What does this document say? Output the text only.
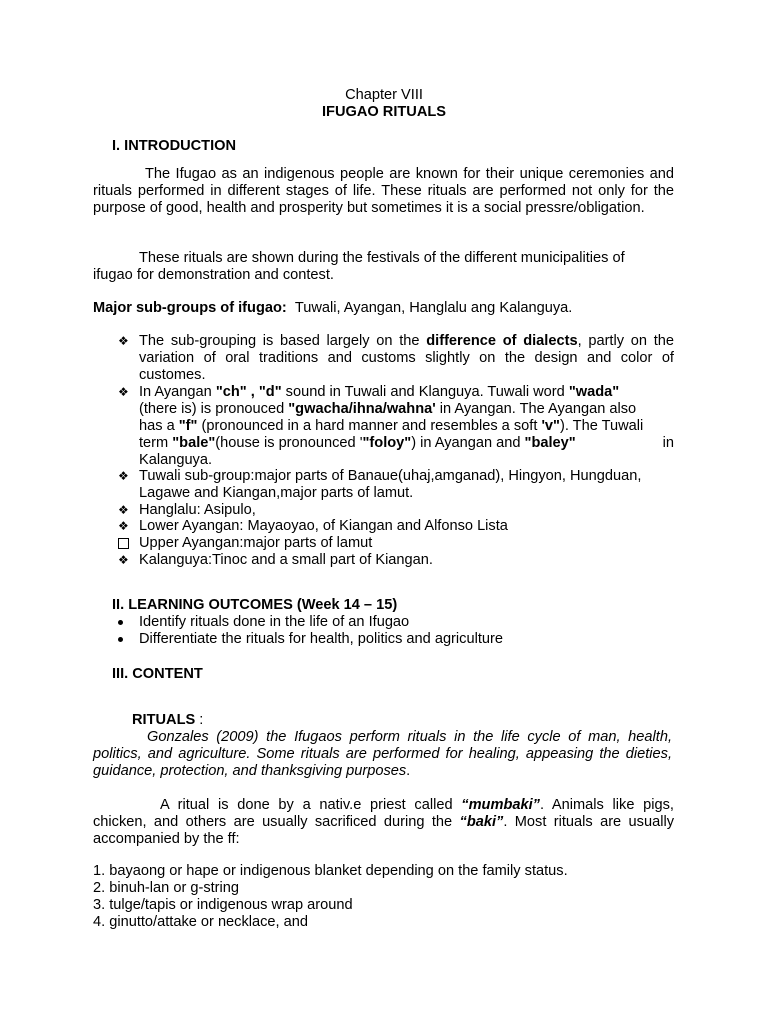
Chapter VIII
IFUGAO RITUALS
I. INTRODUCTION
The Ifugao as an indigenous people are known for their unique ceremonies and rituals performed in different stages of life. These rituals are performed not only for the purpose of good, health and prosperity but sometimes it is a social pressre/obligation.
These rituals are shown during the festivals of the different municipalities of
ifugao for demonstration and contest.
Major sub-groups of ifugao: Tuwali, Ayangan, Hanglalu ang Kalanguya.
❖ The sub-grouping is based largely on the difference of dialects, partly on the variation of oral traditions and customs slightly on the design and color of customes.
❖ In Ayangan "ch" , "d" sound in Tuwali and Klanguya. Tuwali word "wada"
(there is) is pronouced "gwacha/ihna/wahna' in Ayangan. The Ayangan also
has a "f" (pronounced in a hard manner and resembles a soft 'v"). The Tuwali
term "bale"(house is pronounced '"foloy") in Ayangan and "baley"	in
Kalanguya.
❖ Tuwali sub-group:major parts of Banaue(uhaj,amganad), Hingyon, Hungduan,
Lagawe and Kiangan,major parts of lamut.
❖ Hanglalu: Asipulo,
❖ Lower Ayangan: Mayaoyao, of Kiangan and Alfonso Lista
Upper Ayangan:major parts of lamut
❖ Kalanguya:Tinoc and a small part of Kiangan.
II. LEARNING OUTCOMES (Week 14 – 15)
Identify rituals done in the life of an Ifugao
Differentiate the rituals for health, politics and agriculture
III. CONTENT
RITUALS :
Gonzales (2009) the Ifugaos perform rituals in the life cycle of man, health, politics, and agriculture. Some rituals are performed for healing, appeasing the dieties, guidance, protection, and thanksgiving purposes.
A ritual is done by a nativ.e priest called “mumbaki”. Animals like pigs, chicken, and others are usually sacrificed during the “baki”. Most rituals are usually accompanied by the ff:
1. bayaong or hape or indigenous blanket depending on the family status.
2. binuh-lan or g-string
3. tulge/tapis or indigenous wrap around
4. ginutto/attake or necklace, and
